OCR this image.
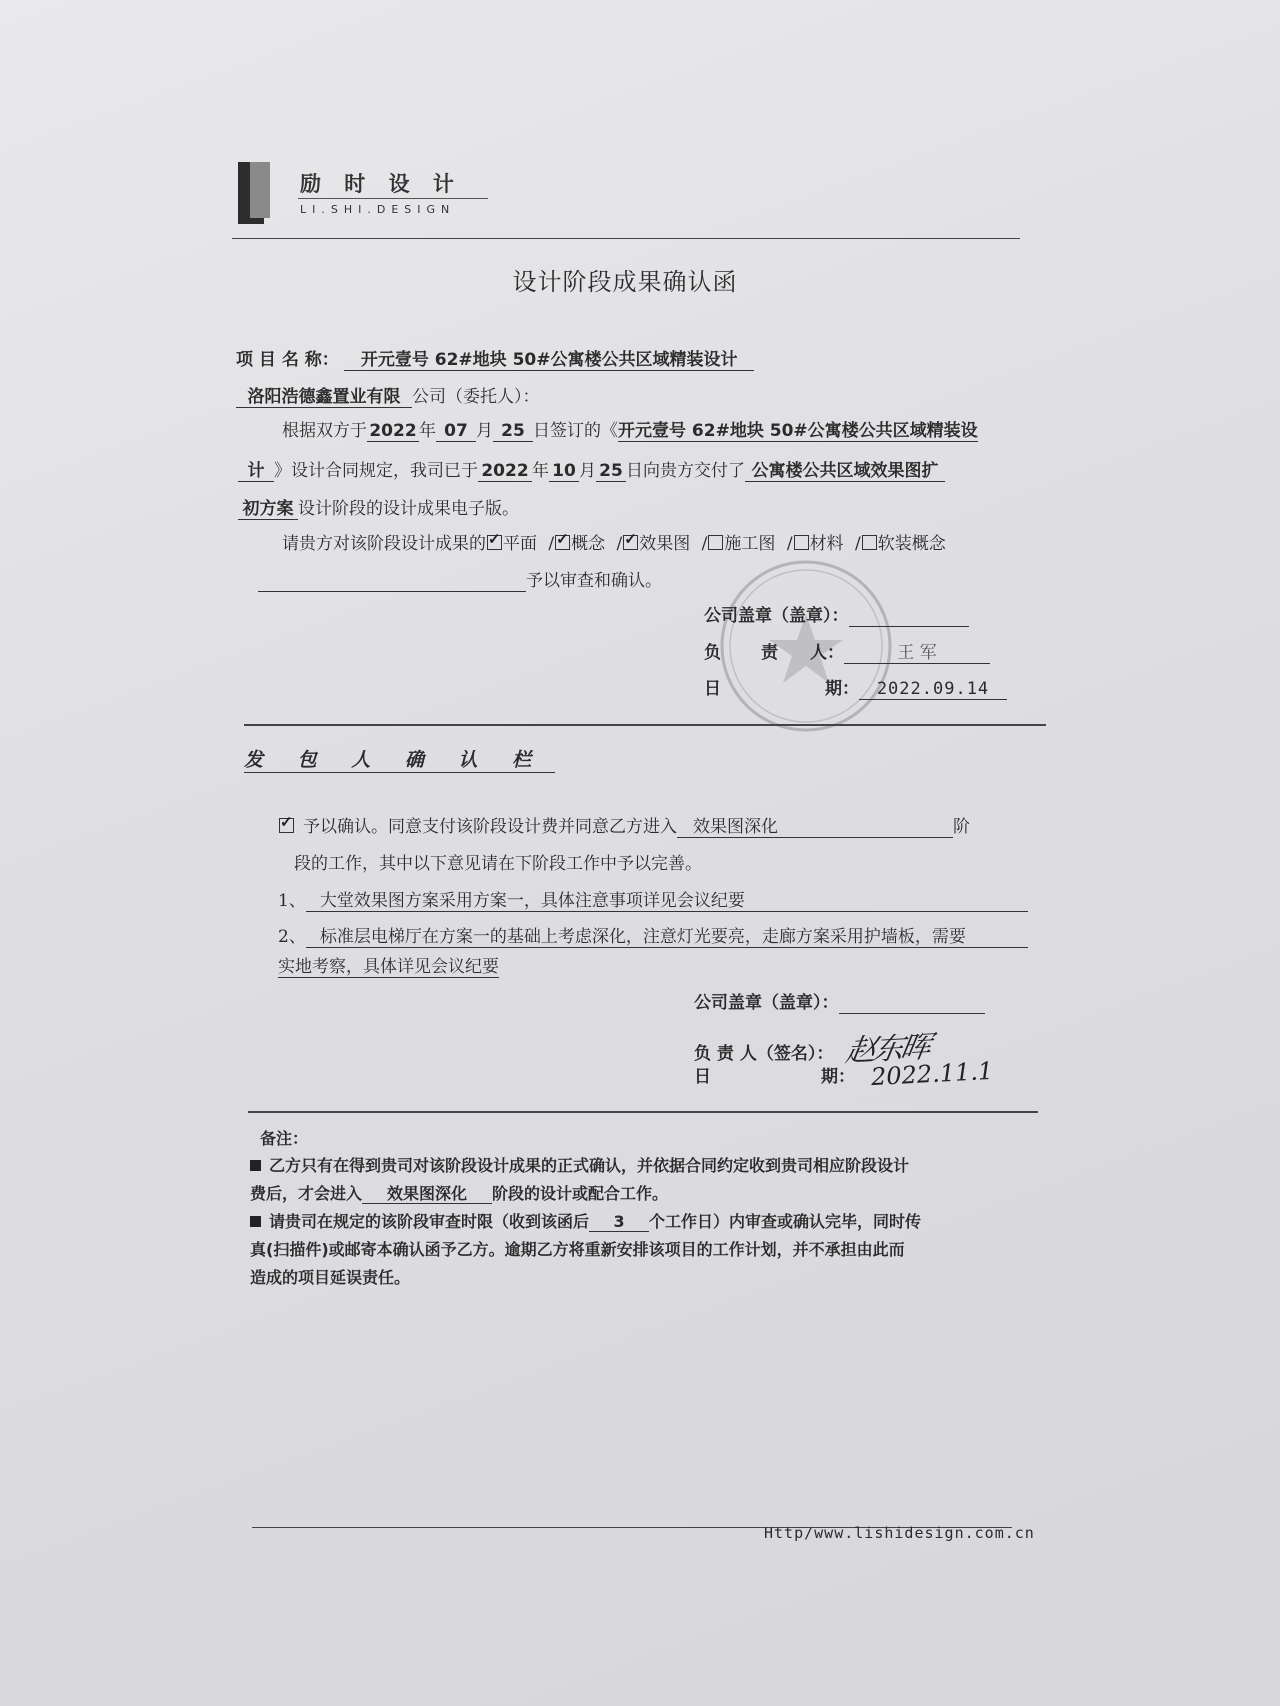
励 时 设 计
LI.SHI.DESIGN
设计阶段成果确认函
项 目 名 称： 开元壹号 62#地块 50#公寓楼公共区域精装设计
洛阳浩德鑫置业有限 公司（委托人）：
根据双方于 2022 年 07 月 25 日签订的《开元壹号 62#地块 50#公寓楼公共区域精装设
计 》设计合同规定，我司已于 2022 年 10 月 25 日向贵方交付了 公寓楼公共区域效果图扩
初方案 设计阶段的设计成果电子版。
请贵方对该阶段设计成果的 ✓ 平面 / ✓ 概念 / ✓ 效果图 / 施工图 / 材料 / 软装概念
予以审查和确认。
公司盖章（盖章）：
负 责 人：	王 军
日	期： 2022.09.14
发 包 人 确 认 栏
✓予以确认。同意支付该阶段设计费并同意乙方进入 效果图深化	阶
段的工作，其中以下意见请在下阶段工作中予以完善。
1、 大堂效果图方案采用方案一，具体注意事项详见会议纪要
2、 标准层电梯厅在方案一的基础上考虑深化，注意灯光要亮，走廊方案采用护墙板，需要
实地考察，具体详见会议纪要
公司盖章（盖章）：
负 责 人（签名）： 赵东晖
日	期： 2022.11.1
备注：
乙方只有在得到贵司对该阶段设计成果的正式确认，并依据合同约定收到贵司相应阶段设计
费后，才会进入 效果图深化 阶段的设计或配合工作。
请贵司在规定的该阶段审查时限（收到该函后 3 个工作日）内审查或确认完毕，同时传
真(扫描件)或邮寄本确认函予乙方。逾期乙方将重新安排该项目的工作计划，并不承担由此而
造成的项目延误责任。
Http/www.lishidesign.com.cn
